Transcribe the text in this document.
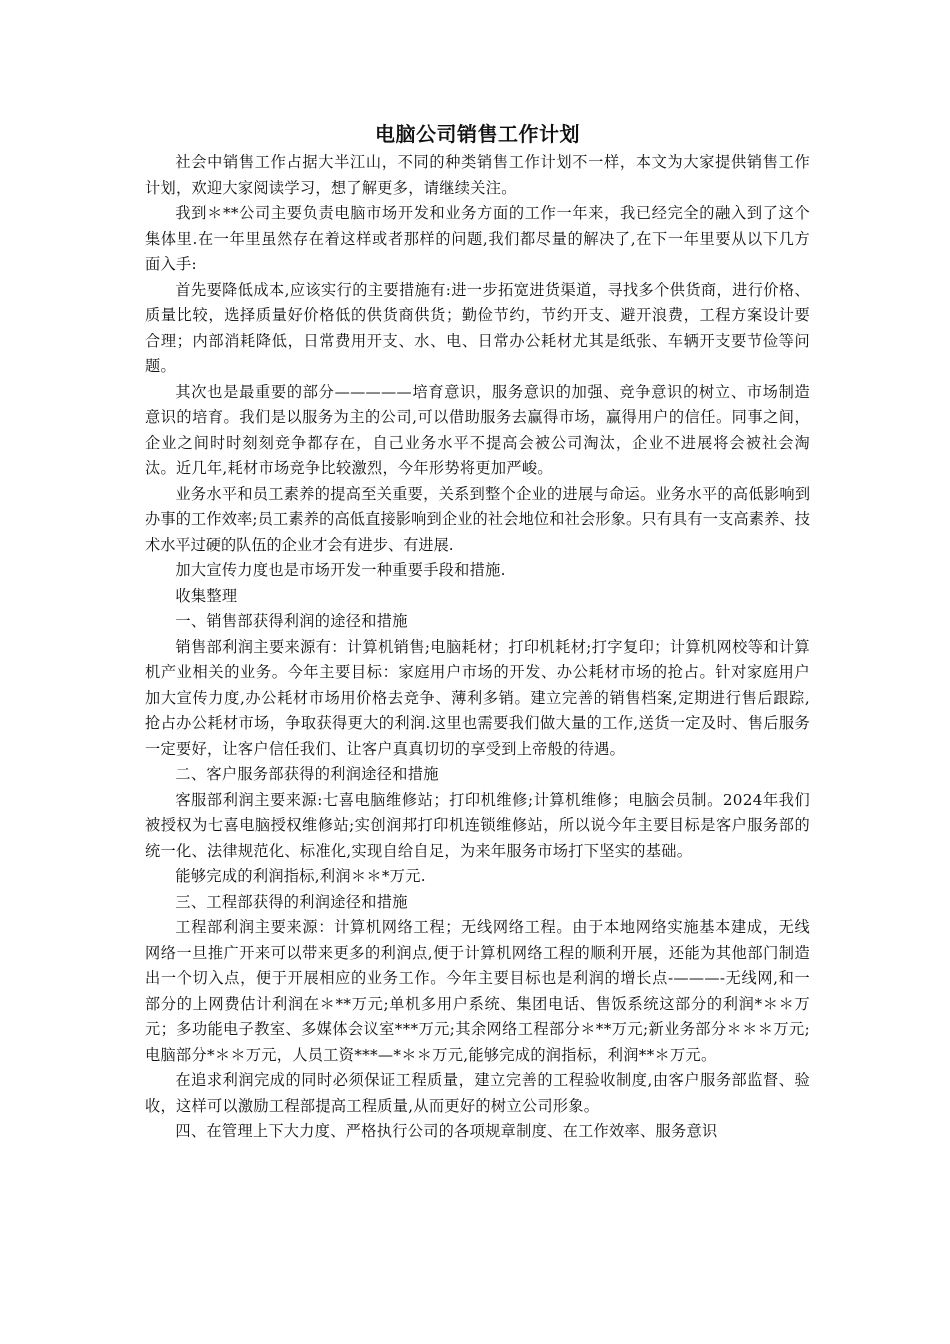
电脑公司销售工作计划

社会中销售工作占据大半江山，不同的种类销售工作计划不一样，本文为大家提供销售工作计划，欢迎大家阅读学习，想了解更多，请继续关注。

我到＊**公司主要负责电脑市场开发和业务方面的工作一年来，我已经完全的融入到了这个集体里.在一年里虽然存在着这样或者那样的问题,我们都尽量的解决了,在下一年里要从以下几方面入手:

首先要降低成本,应该实行的主要措施有:进一步拓宽进货渠道，寻找多个供货商，进行价格、质量比较，选择质量好价格低的供货商供货；勤俭节约，节约开支、避开浪费，工程方案设计要合理；内部消耗降低，日常费用开支、水、电、日常办公耗材尤其是纸张、车辆开支要节俭等问题。

其次也是最重要的部分—————培育意识，服务意识的加强、竞争意识的树立、市场制造意识的培育。我们是以服务为主的公司,可以借助服务去赢得市场，赢得用户的信任。同事之间，企业之间时时刻刻竞争都存在，自己业务水平不提高会被公司淘汰，企业不进展将会被社会淘汰。近几年,耗材市场竞争比较激烈，今年形势将更加严峻。

业务水平和员工素养的提高至关重要，关系到整个企业的进展与命运。业务水平的高低影响到办事的工作效率;员工素养的高低直接影响到企业的社会地位和社会形象。只有具有一支高素养、技术水平过硬的队伍的企业才会有进步、有进展.

加大宣传力度也是市场开发一种重要手段和措施.

收集整理

一、销售部获得利润的途径和措施

销售部利润主要来源有：计算机销售;电脑耗材；打印机耗材;打字复印；计算机网校等和计算机产业相关的业务。今年主要目标：家庭用户市场的开发、办公耗材市场的抢占。针对家庭用户加大宣传力度,办公耗材市场用价格去竞争、薄利多销。建立完善的销售档案,定期进行售后跟踪,抢占办公耗材市场，争取获得更大的利润.这里也需要我们做大量的工作,送货一定及时、售后服务一定要好，让客户信任我们、让客户真真切切的享受到上帝般的待遇。

二、客户服务部获得的利润途径和措施

客服部利润主要来源:七喜电脑维修站；打印机维修;计算机维修；电脑会员制。2024年我们被授权为七喜电脑授权维修站;实创润邦打印机连锁维修站，所以说今年主要目标是客户服务部的统一化、法律规范化、标准化,实现自给自足，为来年服务市场打下坚实的基础。

能够完成的利润指标,利润＊＊*万元.

三、工程部获得的利润途径和措施

工程部利润主要来源：计算机网络工程；无线网络工程。由于本地网络实施基本建成，无线网络一旦推广开来可以带来更多的利润点,便于计算机网络工程的顺利开展，还能为其他部门制造出一个切入点，便于开展相应的业务工作。今年主要目标也是利润的增长点-———-无线网,和一部分的上网费估计利润在＊**万元;单机多用户系统、集团电话、售饭系统这部分的利润*＊＊万元；多功能电子教室、多媒体会议室***万元;其余网络工程部分＊**万元;新业务部分＊＊＊万元;电脑部分*＊＊万元，人员工资***—*＊＊万元,能够完成的润指标，利润**＊万元。

在追求利润完成的同时必须保证工程质量，建立完善的工程验收制度,由客户服务部监督、验收，这样可以激励工程部提高工程质量,从而更好的树立公司形象。

四、在管理上下大力度、严格执行公司的各项规章制度、在工作效率、服务意识
